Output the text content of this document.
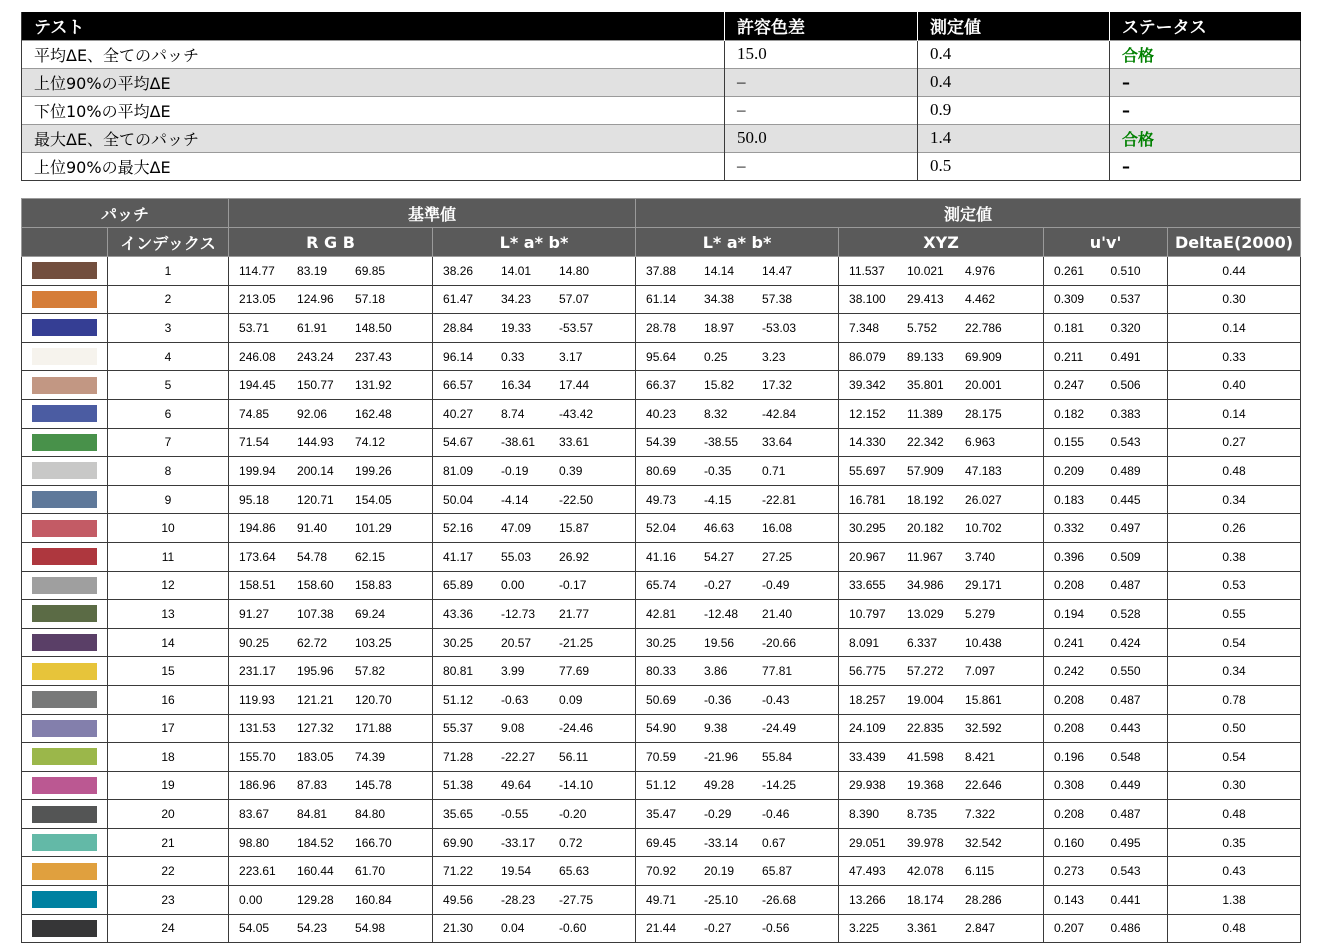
テスト	許容色差	測定値	ステータス
平均ΔE、全てのパッチ	15.0	0.4	合格
上位90%の平均ΔE	–	0.4	–
下位10%の平均ΔE	–	0.9	–
最大ΔE、全てのパッチ	50.0	1.4	合格
上位90%の最大ΔE	–	0.5	–
パッチ		基準値		測定値			
	インデックス	R G B	L* a* b*	L* a* b*	XYZ	u'v'	DeltaE(2000)

	1	114.77 83.19 69.85	38.26 14.01 14.80	37.88 14.14 14.47	11.537 10.021 4.976	0.261 0.510	0.44

	2	213.05 124.96 57.18	61.47 34.23 57.07	61.14 34.38 57.38	38.100 29.413 4.462	0.309 0.537	0.30

	3	53.71 61.91 148.50	28.84 19.33 -53.57	28.78 18.97 -53.03	7.348 5.752 22.786	0.181 0.320	0.14

	4	246.08 243.24 237.43	96.14 0.33 3.17	95.64 0.25 3.23	86.079 89.133 69.909	0.211 0.491	0.33

	5	194.45 150.77 131.92	66.57 16.34 17.44	66.37 15.82 17.32	39.342 35.801 20.001	0.247 0.506	0.40

	6	74.85 92.06 162.48	40.27 8.74 -43.42	40.23 8.32 -42.84	12.152 11.389 28.175	0.182 0.383	0.14

	7	71.54 144.93 74.12	54.67 -38.61 33.61	54.39 -38.55 33.64	14.330 22.342 6.963	0.155 0.543	0.27

	8	199.94 200.14 199.26	81.09 -0.19 0.39	80.69 -0.35 0.71	55.697 57.909 47.183	0.209 0.489	0.48

	9	95.18 120.71 154.05	50.04 -4.14 -22.50	49.73 -4.15 -22.81	16.781 18.192 26.027	0.183 0.445	0.34

	10	194.86 91.40 101.29	52.16 47.09 15.87	52.04 46.63 16.08	30.295 20.182 10.702	0.332 0.497	0.26

	11	173.64 54.78 62.15	41.17 55.03 26.92	41.16 54.27 27.25	20.967 11.967 3.740	0.396 0.509	0.38

	12	158.51 158.60 158.83	65.89 0.00 -0.17	65.74 -0.27 -0.49	33.655 34.986 29.171	0.208 0.487	0.53

	13	91.27 107.38 69.24	43.36 -12.73 21.77	42.81 -12.48 21.40	10.797 13.029 5.279	0.194 0.528	0.55

	14	90.25 62.72 103.25	30.25 20.57 -21.25	30.25 19.56 -20.66	8.091 6.337 10.438	0.241 0.424	0.54

	15	231.17 195.96 57.82	80.81 3.99 77.69	80.33 3.86 77.81	56.775 57.272 7.097	0.242 0.550	0.34

	16	119.93 121.21 120.70	51.12 -0.63 0.09	50.69 -0.36 -0.43	18.257 19.004 15.861	0.208 0.487	0.78

	17	131.53 127.32 171.88	55.37 9.08 -24.46	54.90 9.38 -24.49	24.109 22.835 32.592	0.208 0.443	0.50

	18	155.70 183.05 74.39	71.28 -22.27 56.11	70.59 -21.96 55.84	33.439 41.598 8.421	0.196 0.548	0.54

	19	186.96 87.83 145.78	51.38 49.64 -14.10	51.12 49.28 -14.25	29.938 19.368 22.646	0.308 0.449	0.30

	20	83.67 84.81 84.80	35.65 -0.55 -0.20	35.47 -0.29 -0.46	8.390 8.735 7.322	0.208 0.487	0.48

	21	98.80 184.52 166.70	69.90 -33.17 0.72	69.45 -33.14 0.67	29.051 39.978 32.542	0.160 0.495	0.35

	22	223.61 160.44 61.70	71.22 19.54 65.63	70.92 20.19 65.87	47.493 42.078 6.115	0.273 0.543	0.43

	23	0.00 129.28 160.84	49.56 -28.23 -27.75	49.71 -25.10 -26.68	13.266 18.174 28.286	0.143 0.441	1.38

	24	54.05 54.23 54.98	21.30 0.04 -0.60	21.44 -0.27 -0.56	3.225 3.361 2.847	0.207 0.486	0.48
